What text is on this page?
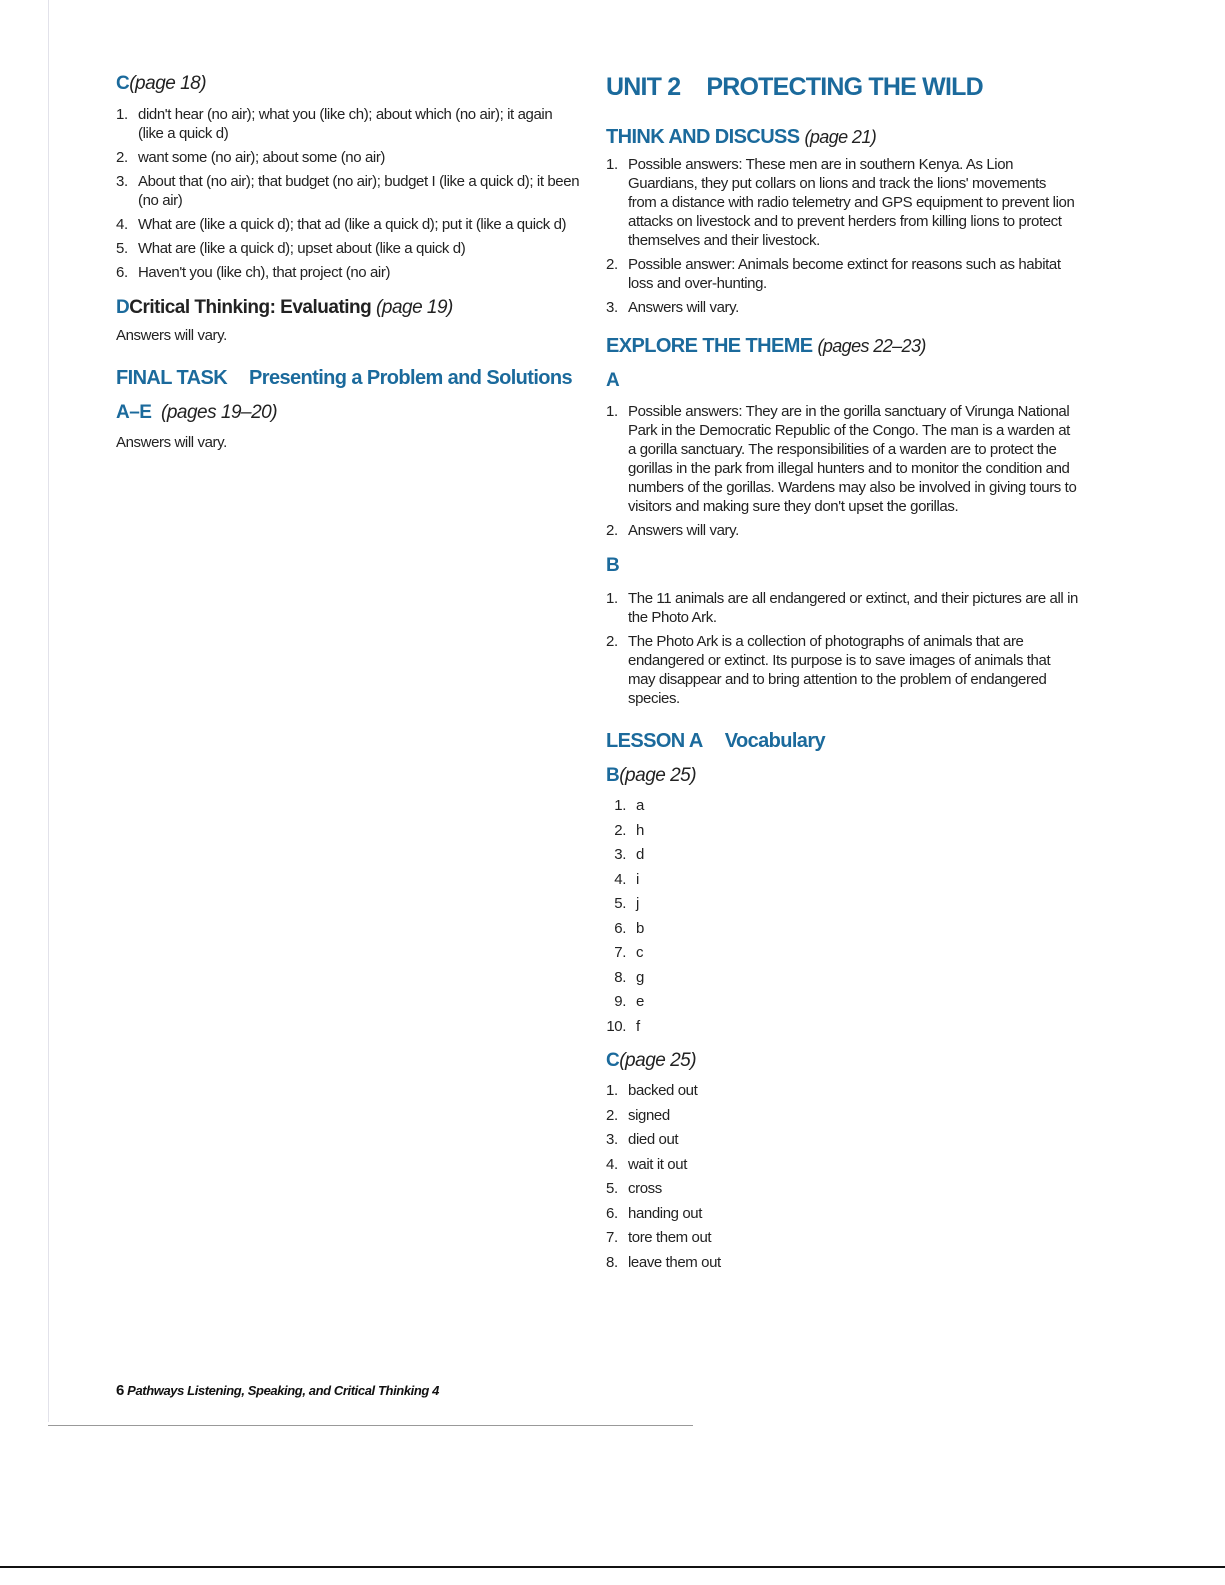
C(page 18)
1. didn't hear (no air); what you (like ch); about which (no air); it again (like a quick d)
2. want some (no air); about some (no air)
3. About that (no air); that budget (no air); budget I (like a quick d); it been (no air)
4. What are (like a quick d); that ad (like a quick d); put it (like a quick d)
5. What are (like a quick d); upset about (like a quick d)
6. Haven't you (like ch), that project (no air)
DCritical Thinking: Evaluating (page 19)
Answers will vary.
FINAL TASK Presenting a Problem and Solutions
A–E (pages 19–20)
Answers will vary.
UNIT 2 PROTECTING THE WILD
THINK AND DISCUSS (page 21)
1. Possible answers: These men are in southern Kenya. As Lion Guardians, they put collars on lions and track the lions' movements from a distance with radio telemetry and GPS equipment to prevent lion attacks on livestock and to prevent herders from killing lions to protect themselves and their livestock.
2. Possible answer: Animals become extinct for reasons such as habitat loss and over-hunting.
3. Answers will vary.
EXPLORE THE THEME (pages 22–23)
A
1. Possible answers: They are in the gorilla sanctuary of Virunga National Park in the Democratic Republic of the Congo. The man is a warden at a gorilla sanctuary. The responsibilities of a warden are to protect the gorillas in the park from illegal hunters and to monitor the condition and numbers of the gorillas. Wardens may also be involved in giving tours to visitors and making sure they don't upset the gorillas.
2. Answers will vary.
B
1. The 11 animals are all endangered or extinct, and their pictures are all in the Photo Ark.
2. The Photo Ark is a collection of photographs of animals that are endangered or extinct. Its purpose is to save images of animals that may disappear and to bring attention to the problem of endangered species.
LESSON A Vocabulary
B(page 25)
1. a
2. h
3. d
4. i
5. j
6. b
7. c
8. g
9. e
10. f
C(page 25)
1. backed out
2. signed
3. died out
4. wait it out
5. cross
6. handing out
7. tore them out
8. leave them out
6 Pathways Listening, Speaking, and Critical Thinking 4
